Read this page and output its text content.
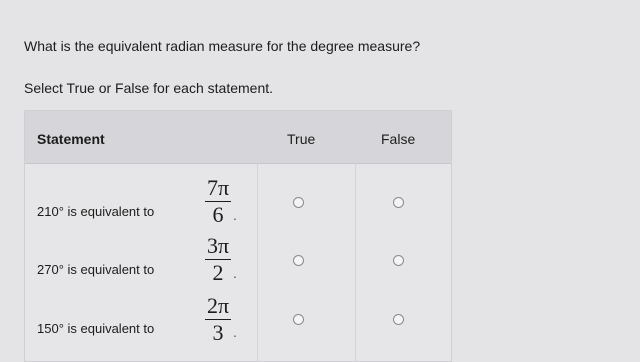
What is the equivalent radian measure for the degree measure?
Select True or False for each statement.
Statement	True	False
210° is equivalent to
7π
6 .
270° is equivalent to
3π
2 .
150° is equivalent to
2π
3 .
